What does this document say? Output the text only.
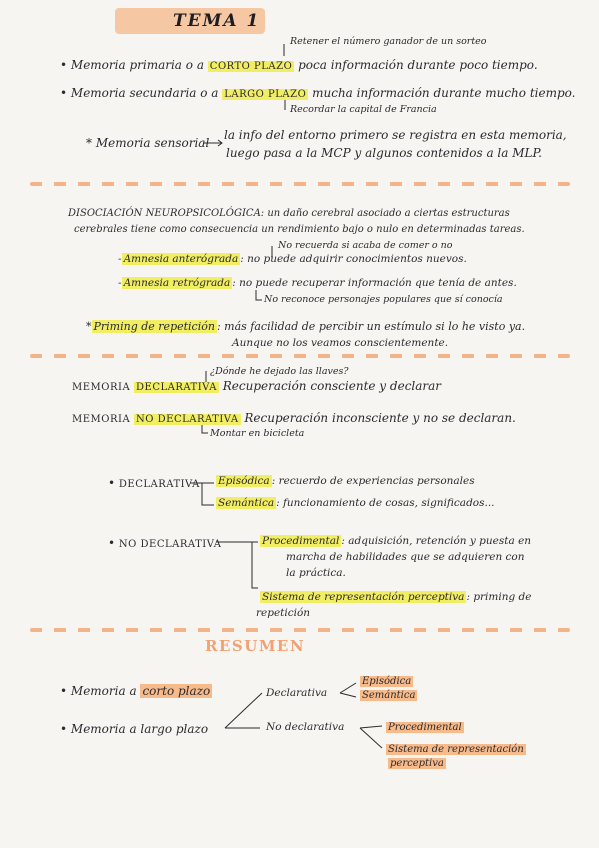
TEMA 1
Retener el número ganador de un sorteo
• Memoria primaria o a CORTO PLAZO poca información durante poco tiempo.
• Memoria secundaria o a LARGO PLAZO mucha información durante mucho tiempo.
Recordar la capital de Francia
* Memoria sensorial
la info del entorno primero se registra en esta memoria,
luego pasa a la MCP y algunos contenidos a la MLP.
DISOCIACIÓN NEUROPSICOLÓGICA: un daño cerebral asociado a ciertas estructuras
cerebrales tiene como consecuencia un rendimiento bajo o nulo en determinadas tareas.
No recuerda si acaba de comer o no
- Amnesia anterógrada : no puede adquirir conocimientos nuevos.
- Amnesia retrógrada : no puede recuperar información que tenía de antes.
No reconoce personajes populares que sí conocía
* Priming de repetición : más facilidad de percibir un estímulo si lo he visto ya.
Aunque no los veamos conscientemente.
¿Dónde he dejado las llaves?
MEMORIA DECLARATIVA Recuperación consciente y declarar
MEMORIA NO DECLARATIVA Recuperación inconsciente y no se declaran.
Montar en bicicleta
• DECLARATIVA Episódica : recuerdo de experiencias personales
Semántica : funcionamiento de cosas, significados...
• NO DECLARATIVA	Procedimental : adquisición, retención y puesta en
marcha de habilidades que se adquieren con
la práctica.
Sistema de representación perceptiva : priming de
repetición
RESUMEN
• Memoria a corto plazo
• Memoria a largo plazo
Declarativa
No declarativa
Episódica
Semántica
Procedimental
Sistema de representación
perceptiva
